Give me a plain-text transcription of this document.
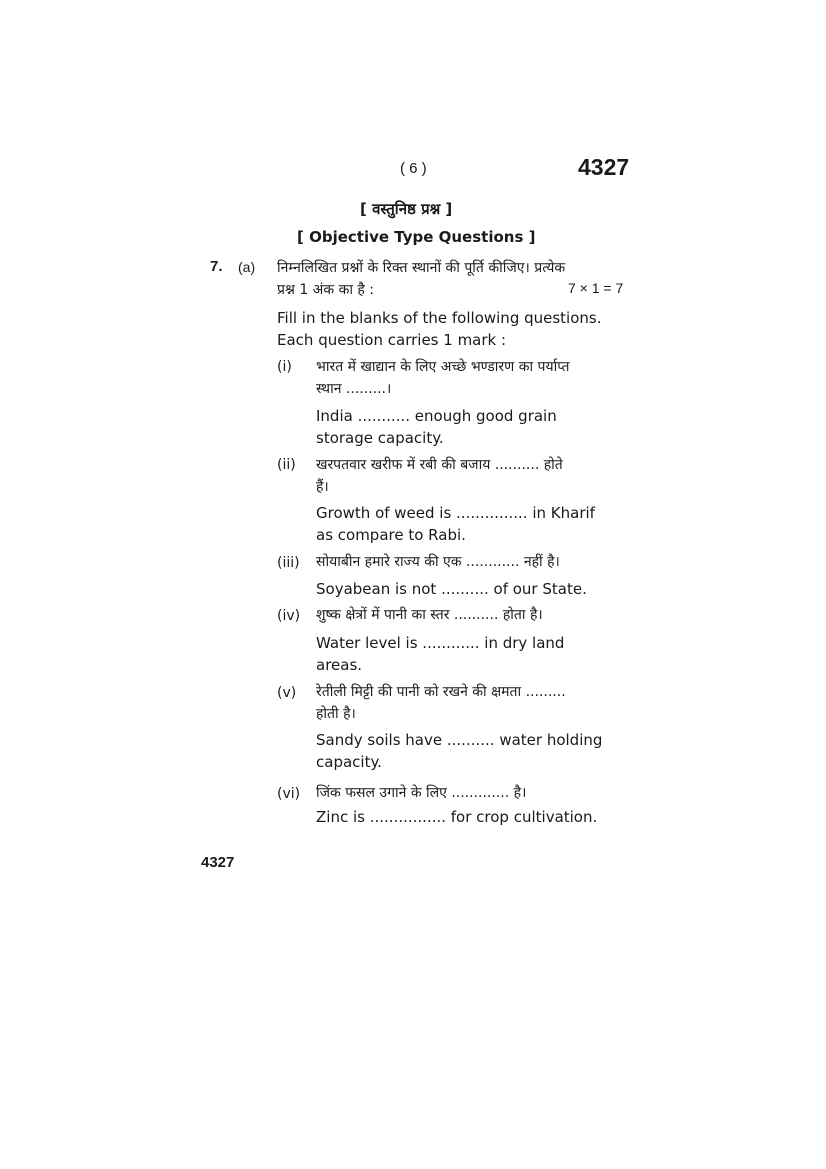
( 6 )	4327
[ वस्तुनिष्ठ प्रश्न ]
[ Objective Type Questions ]
7. (a) निम्नलिखित प्रश्नों के रिक्त स्थानों की पूर्ति कीजिए। प्रत्येक
प्रश्न 1 अंक का है :	7 × 1 = 7
Fill in the blanks of the following questions.
Each question carries 1 mark :
(i) भारत में खाद्यान के लिए अच्छे भण्डारण का पर्याप्त
स्थान .........।
India ........... enough good grain
storage capacity.
(ii) खरपतवार खरीफ में रबी की बजाय .......... होते
हैं।
Growth of weed is ............... in Kharif
as compare to Rabi.
(iii) सोयाबीन हमारे राज्य की एक ............ नहीं है।
Soyabean is not .......... of our State.
(iv) शुष्क क्षेत्रों में पानी का स्तर .......... होता है।
Water level is ............ in dry land
areas.
(v) रेतीली मिट्टी की पानी को रखने की क्षमता .........
होती है।
Sandy soils have .......... water holding
capacity.
(vi) जिंक फसल उगाने के लिए ............. है।
Zinc is ................ for crop cultivation.
4327
